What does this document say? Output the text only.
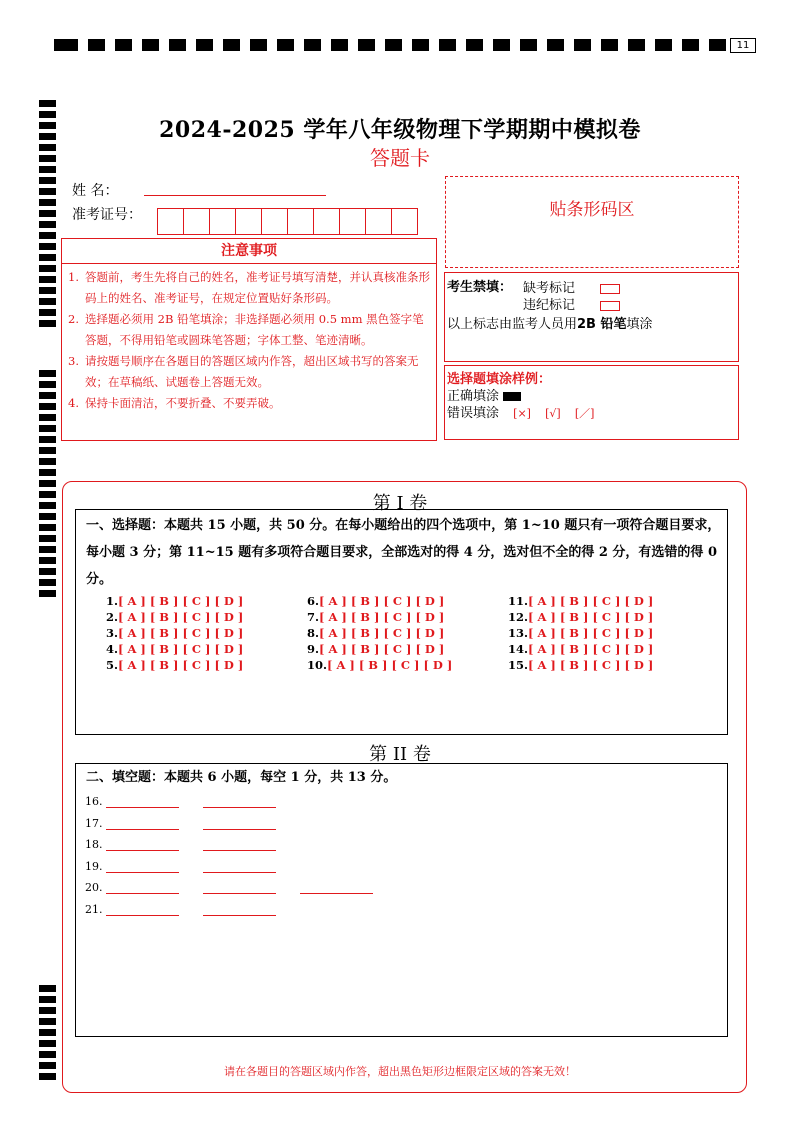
11
2024-2025 学年八年级物理下学期期中模拟卷
答题卡
姓 名：
准考证号：	贴条形码区
注意事项
1. 答题前，考生先将自己的姓名，准考证号填写清楚，并认真核准条形码上的姓名、准考证号，在规定位置贴好条形码。
2. 选择题必须用 2B 铅笔填涂；非选择题必须用 0.5 mm 黑色签字笔答题，不得用铅笔或圆珠笔答题；字体工整、笔迹清晰。
3. 请按题号顺序在各题目的答题区域内作答，超出区域书写的答案无效；在草稿纸、试题卷上答题无效。
4. 保持卡面清洁，不要折叠、不要弄破。
考生禁填： 缺考标记
违纪标记
以上标志由监考人员用2B 铅笔填涂
选择题填涂样例：
正确填涂
错误填涂 [×] [√] [／]
第 I 卷
一、选择题：本题共 15 小题，共 50 分。在每小题给出的四个选项中，第 1~10 题只有一项符合题目要求，每小题 3 分；第 11~15 题有多项符合题目要求，全部选对的得 4 分，选对但不全的得 2 分，有选错的得 0 分。
1.[ A ] [ B ] [ C ] [ D ]
2.[ A ] [ B ] [ C ] [ D ]
3.[ A ] [ B ] [ C ] [ D ]
4.[ A ] [ B ] [ C ] [ D ]
5.[ A ] [ B ] [ C ] [ D ]
6.[ A ] [ B ] [ C ] [ D ]
7.[ A ] [ B ] [ C ] [ D ]
8.[ A ] [ B ] [ C ] [ D ]
9.[ A ] [ B ] [ C ] [ D ]
10.[ A ] [ B ] [ C ] [ D ]
11.[ A ] [ B ] [ C ] [ D ]
12.[ A ] [ B ] [ C ] [ D ]
13.[ A ] [ B ] [ C ] [ D ]
14.[ A ] [ B ] [ C ] [ D ]
15.[ A ] [ B ] [ C ] [ D ]
第 II 卷
二、填空题：本题共 6 小题，每空 1 分，共 13 分。
16.
17.
18.
19.
20.
21.
请在各题目的答题区域内作答，超出黑色矩形边框限定区域的答案无效！
